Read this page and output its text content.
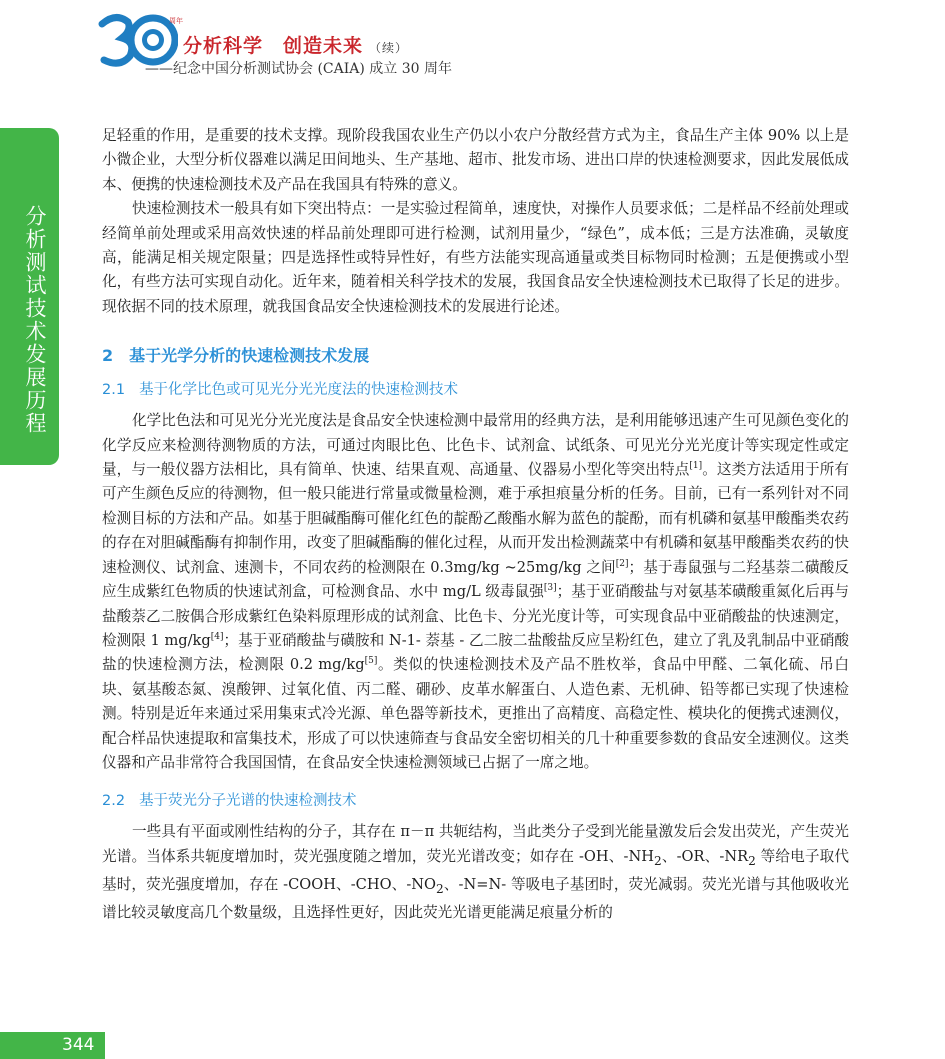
周年
分析科学 创造未来 （续）
——纪念中国分析测试协会 (CAIA) 成立 30 周年
分析测试技术发展历程
344

足轻重的作用，是重要的技术支撑。现阶段我国农业生产仍以小农户分散经营方式为主，食品生产主体 90% 以上是小微企业，大型分析仪器难以满足田间地头、生产基地、超市、批发市场、进出口岸的快速检测要求，因此发展低成本、便携的快速检测技术及产品在我国具有特殊的意义。

快速检测技术一般具有如下突出特点：一是实验过程简单，速度快，对操作人员要求低；二是样品不经前处理或经简单前处理或采用高效快速的样品前处理即可进行检测，试剂用量少，“绿色”，成本低；三是方法准确，灵敏度高，能满足相关规定限量；四是选择性或特异性好，有些方法能实现高通量或类目标物同时检测；五是便携或小型化，有些方法可实现自动化。近年来，随着相关科学技术的发展，我国食品安全快速检测技术已取得了长足的进步。现依据不同的技术原理，就我国食品安全快速检测技术的发展进行论述。

2 基于光学分析的快速检测技术发展
2.1 基于化学比色或可见光分光光度法的快速检测技术

化学比色法和可见光分光光度法是食品安全快速检测中最常用的经典方法，是利用能够迅速产生可见颜色变化的化学反应来检测待测物质的方法，可通过肉眼比色、比色卡、试剂盒、试纸条、可见光分光光度计等实现定性或定量，与一般仪器方法相比，具有简单、快速、结果直观、高通量、仪器易小型化等突出特点[1]。这类方法适用于所有可产生颜色反应的待测物，但一般只能进行常量或微量检测，难于承担痕量分析的任务。目前，已有一系列针对不同检测目标的方法和产品。如基于胆碱酯酶可催化红色的靛酚乙酸酯水解为蓝色的靛酚，而有机磷和氨基甲酸酯类农药的存在对胆碱酯酶有抑制作用，改变了胆碱酯酶的催化过程，从而开发出检测蔬菜中有机磷和氨基甲酸酯类农药的快速检测仪、试剂盒、速测卡，不同农药的检测限在 0.3mg/kg ~25mg/kg 之间[2]；基于毒鼠强与二羟基萘二磺酸反应生成紫红色物质的快速试剂盒，可检测食品、水中 mg/L 级毒鼠强[3]；基于亚硝酸盐与对氨基苯磺酸重氮化后再与盐酸萘乙二胺偶合形成紫红色染料原理形成的试剂盒、比色卡、分光光度计等，可实现食品中亚硝酸盐的快速测定，检测限 1 mg/kg[4]；基于亚硝酸盐与磺胺和 N-1- 萘基 - 乙二胺二盐酸盐反应呈粉红色，建立了乳及乳制品中亚硝酸盐的快速检测方法，检测限 0.2 mg/kg[5]。类似的快速检测技术及产品不胜枚举，食品中甲醛、二氧化硫、吊白块、氨基酸态氮、溴酸钾、过氧化值、丙二醛、硼砂、皮革水解蛋白、人造色素、无机砷、铅等都已实现了快速检测。特别是近年来通过采用集束式冷光源、单色器等新技术，更推出了高精度、高稳定性、模块化的便携式速测仪，配合样品快速提取和富集技术，形成了可以快速筛查与食品安全密切相关的几十种重要参数的食品安全速测仪。这类仪器和产品非常符合我国国情，在食品安全快速检测领域已占据了一席之地。

2.2 基于荧光分子光谱的快速检测技术

一些具有平面或刚性结构的分子，其存在 π－π 共轭结构，当此类分子受到光能量激发后会发出荧光，产生荧光光谱。当体系共轭度增加时，荧光强度随之增加，荧光光谱改变；如存在 -OH、$-NH_2$、-OR、$-NR_2$ 等给电子取代基时，荧光强度增加，存在 -COOH、-CHO、$-NO_2$、-N=N- 等吸电子基团时，荧光减弱。荧光光谱与其他吸收光谱比较灵敏度高几个数量级，且选择性更好，因此荧光光谱更能满足痕量分析的
